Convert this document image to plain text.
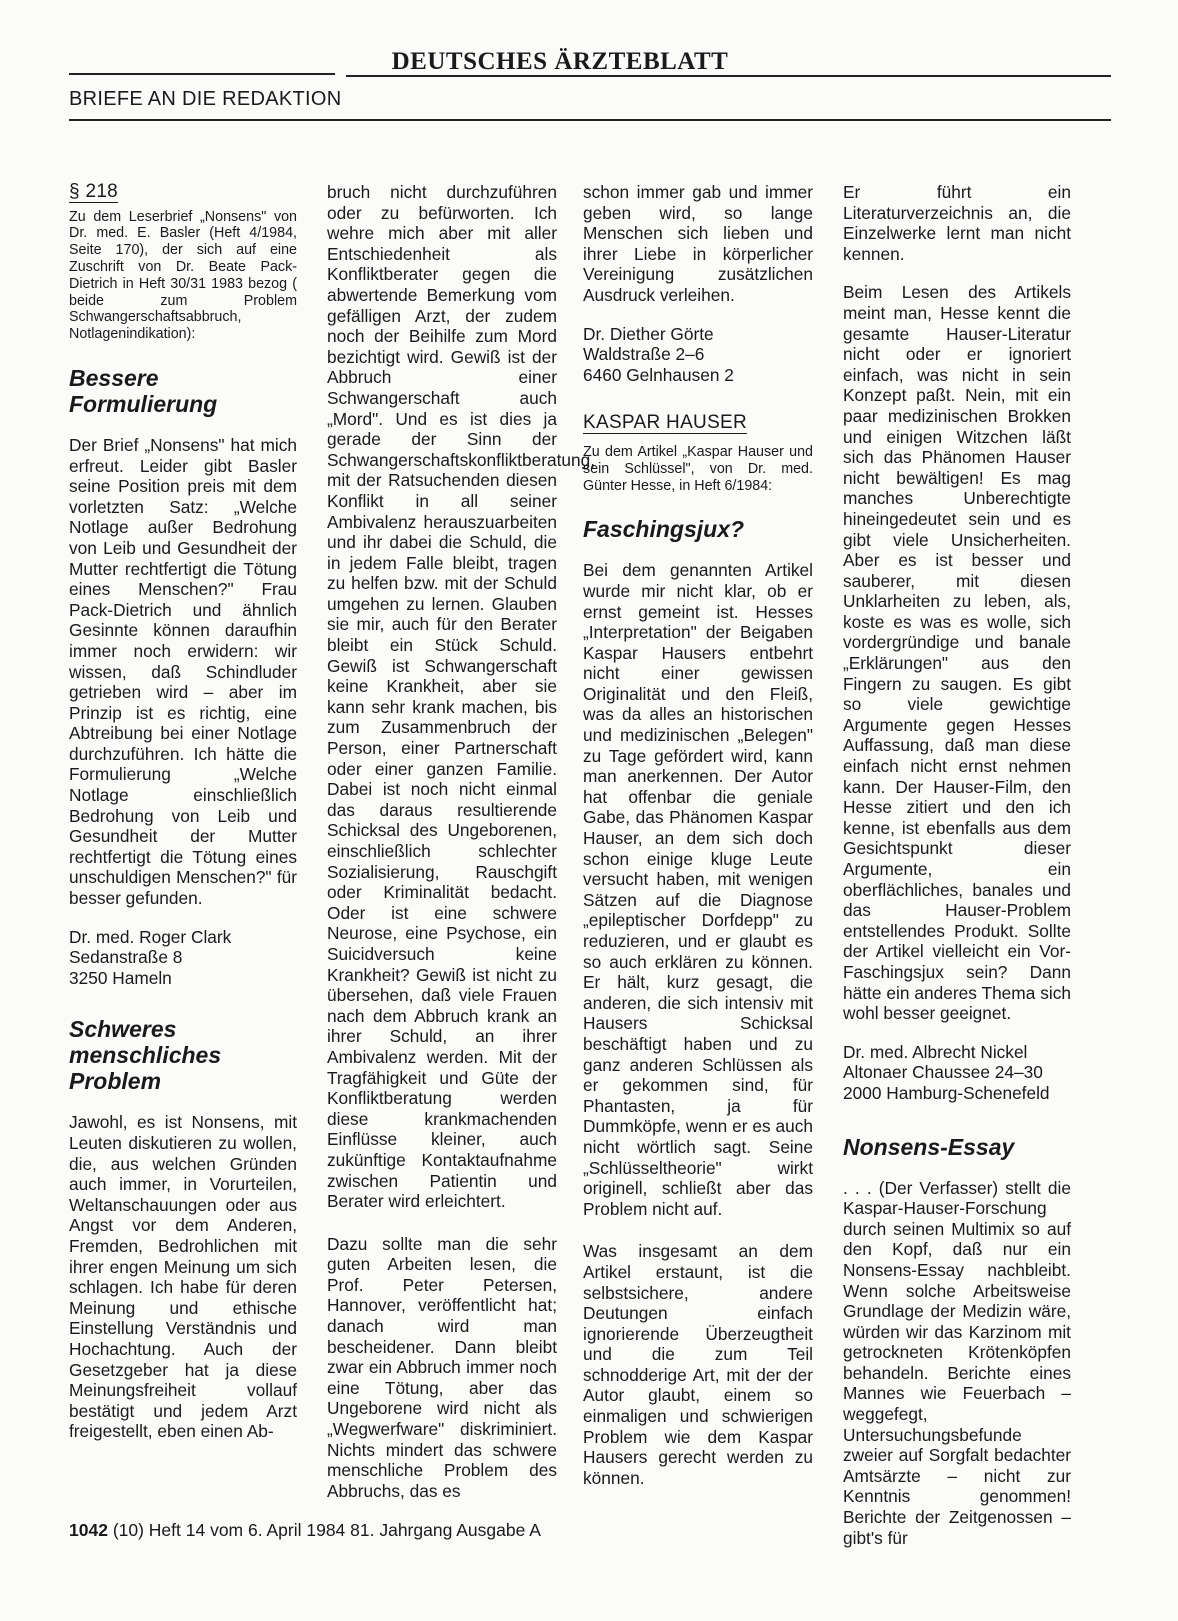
DEUTSCHES ÄRZTEBLATT
BRIEFE AN DIE REDAKTION

§ 218

Zu dem Leserbrief „Nonsens" von Dr. med. E. Basler (Heft 4/1984, Seite 170), der sich auf eine Zuschrift von Dr. Beate Pack-Dietrich in Heft 30/31 1983 bezog ( beide zum Problem Schwangerschaftsabbruch, Notlagenindikation):

Bessere Formulierung

Der Brief „Nonsens" hat mich erfreut. Leider gibt Basler seine Position preis mit dem vorletzten Satz: „Welche Notlage außer Bedrohung von Leib und Gesundheit der Mutter rechtfertigt die Tötung eines Menschen?" Frau Pack-Dietrich und ähnlich Gesinnte können daraufhin immer noch erwidern: wir wissen, daß Schindluder getrieben wird – aber im Prinzip ist es richtig, eine Abtreibung bei einer Notlage durchzuführen. Ich hätte die Formulierung „Welche Notlage einschließlich Bedrohung von Leib und Gesundheit der Mutter rechtfertigt die Tötung eines unschuldigen Menschen?" für besser gefunden.

Dr. med. Roger Clark
Sedanstraße 8
3250 Hameln
Schweres menschliches Problem

Jawohl, es ist Nonsens, mit Leuten diskutieren zu wollen, die, aus welchen Gründen auch immer, in Vorurteilen, Weltanschauungen oder aus Angst vor dem Anderen, Fremden, Bedrohlichen mit ihrer engen Meinung um sich schlagen. Ich habe für deren Meinung und ethische Einstellung Verständnis und Hochachtung. Auch der Gesetzgeber hat ja diese Meinungsfreiheit vollauf bestätigt und jedem Arzt freigestellt, eben einen Ab-

bruch nicht durchzuführen oder zu befürworten. Ich wehre mich aber mit aller Entschiedenheit als Konfliktberater gegen die abwertende Bemerkung vom gefälligen Arzt, der zudem noch der Beihilfe zum Mord bezichtigt wird. Gewiß ist der Abbruch einer Schwangerschaft auch „Mord". Und es ist dies ja gerade der Sinn der Schwangerschaftskonfliktberatung, mit der Ratsuchenden diesen Konflikt in all seiner Ambivalenz herauszuarbeiten und ihr dabei die Schuld, die in jedem Falle bleibt, tragen zu helfen bzw. mit der Schuld umgehen zu lernen. Glauben sie mir, auch für den Berater bleibt ein Stück Schuld. Gewiß ist Schwangerschaft keine Krankheit, aber sie kann sehr krank machen, bis zum Zusammenbruch der Person, einer Partnerschaft oder einer ganzen Familie. Dabei ist noch nicht einmal das daraus resultierende Schicksal des Ungeborenen, einschließlich schlechter Sozialisierung, Rauschgift oder Kriminalität bedacht. Oder ist eine schwere Neurose, eine Psychose, ein Suicidversuch keine Krankheit? Gewiß ist nicht zu übersehen, daß viele Frauen nach dem Abbruch krank an ihrer Schuld, an ihrer Ambivalenz werden. Mit der Tragfähigkeit und Güte der Konfliktberatung werden diese krankmachenden Einflüsse kleiner, auch zukünftige Kontaktaufnahme zwischen Patientin und Berater wird erleichtert.

Dazu sollte man die sehr guten Arbeiten lesen, die Prof. Peter Petersen, Hannover, veröffentlicht hat; danach wird man bescheidener. Dann bleibt zwar ein Abbruch immer noch eine Tötung, aber das Ungeborene wird nicht als „Wegwerfware" diskriminiert. Nichts mindert das schwere menschliche Problem des Abbruchs, das es

schon immer gab und immer geben wird, so lange Menschen sich lieben und ihrer Liebe in körperlicher Vereinigung zusätzlichen Ausdruck verleihen.

Dr. Diether Görte
Waldstraße 2–6
6460 Gelnhausen 2

KASPAR HAUSER

Zu dem Artikel „Kaspar Hauser und sein Schlüssel", von Dr. med. Günter Hesse, in Heft 6/1984:

Faschingsjux?

Bei dem genannten Artikel wurde mir nicht klar, ob er ernst gemeint ist. Hesses „Interpretation" der Beigaben Kaspar Hausers entbehrt nicht einer gewissen Originalität und den Fleiß, was da alles an historischen und medizinischen „Belegen" zu Tage gefördert wird, kann man anerkennen. Der Autor hat offenbar die geniale Gabe, das Phänomen Kaspar Hauser, an dem sich doch schon einige kluge Leute versucht haben, mit wenigen Sätzen auf die Diagnose „epileptischer Dorfdepp" zu reduzieren, und er glaubt es so auch erklären zu können. Er hält, kurz gesagt, die anderen, die sich intensiv mit Hausers Schicksal beschäftigt haben und zu ganz anderen Schlüssen als er gekommen sind, für Phantasten, ja für Dummköpfe, wenn er es auch nicht wörtlich sagt. Seine „Schlüsseltheorie" wirkt originell, schließt aber das Problem nicht auf.

Was insgesamt an dem Artikel erstaunt, ist die selbstsichere, andere Deutungen einfach ignorierende Überzeugtheit und die zum Teil schnodderige Art, mit der der Autor glaubt, einem so einmaligen und schwierigen Problem wie dem Kaspar Hausers gerecht werden zu können.

Er führt ein Literaturverzeichnis an, die Einzelwerke lernt man nicht kennen.

Beim Lesen des Artikels meint man, Hesse kennt die gesamte Hauser-Literatur nicht oder er ignoriert einfach, was nicht in sein Konzept paßt. Nein, mit ein paar medizinischen Brokken und einigen Witzchen läßt sich das Phänomen Hauser nicht bewältigen! Es mag manches Unberechtigte hineingedeutet sein und es gibt viele Unsicherheiten. Aber es ist besser und sauberer, mit diesen Unklarheiten zu leben, als, koste es was es wolle, sich vordergründige und banale „Erklärungen" aus den Fingern zu saugen. Es gibt so viele gewichtige Argumente gegen Hesses Auffassung, daß man diese einfach nicht ernst nehmen kann. Der Hauser-Film, den Hesse zitiert und den ich kenne, ist ebenfalls aus dem Gesichtspunkt dieser Argumente, ein oberflächliches, banales und das Hauser-Problem entstellendes Produkt. Sollte der Artikel vielleicht ein Vor-Faschingsjux sein? Dann hätte ein anderes Thema sich wohl besser geeignet.

Dr. med. Albrecht Nickel
Altonaer Chaussee 24–30
2000 Hamburg-Schenefeld
Nonsens-Essay

. . . (Der Verfasser) stellt die Kaspar-Hauser-Forschung durch seinen Multimix so auf den Kopf, daß nur ein Nonsens-Essay nachbleibt. Wenn solche Arbeitsweise Grundlage der Medizin wäre, würden wir das Karzinom mit getrockneten Krötenköpfen behandeln. Berichte eines Mannes wie Feuerbach – weggefegt, Untersuchungsbefunde zweier auf Sorgfalt bedachter Amtsärzte – nicht zur Kenntnis genommen! Berichte der Zeitgenossen – gibt's für

1042 (10) Heft 14 vom 6. April 1984 81. Jahrgang Ausgabe A
